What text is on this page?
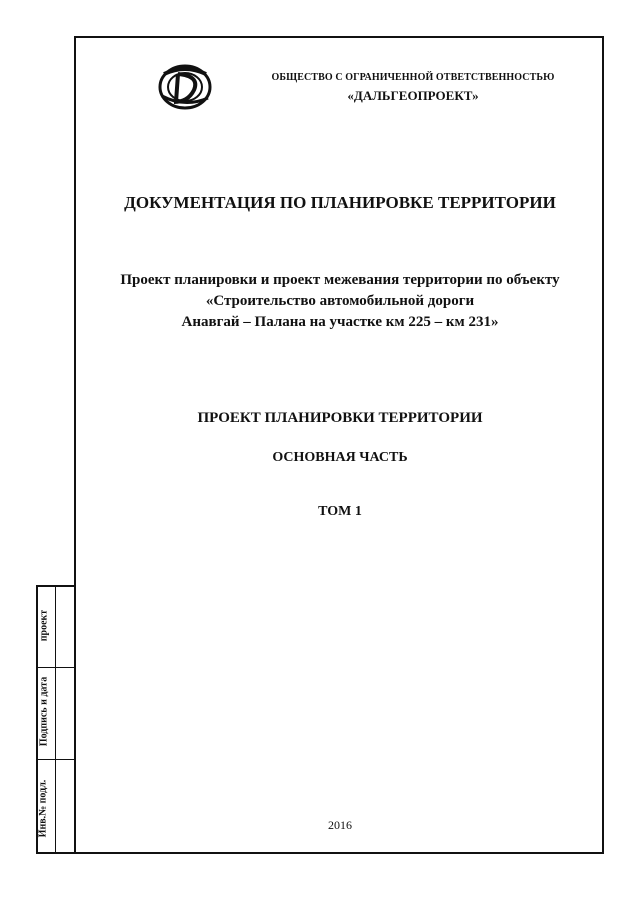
Инв.№ подл.
Подпись и дата
проект
ОБЩЕСТВО С ОГРАНИЧЕННОЙ ОТВЕТСТВЕННОСТЬЮ
«ДАЛЬГЕОПРОЕКТ»
ДОКУМЕНТАЦИЯ ПО ПЛАНИРОВКЕ ТЕРРИТОРИИ
Проект планировки и проект межевания территории по объекту
«Строительство автомобильной дороги
Анавгай – Палана на участке км 225 – км 231»
ПРОЕКТ ПЛАНИРОВКИ ТЕРРИТОРИИ
ОСНОВНАЯ ЧАСТЬ
ТОМ 1
2016
